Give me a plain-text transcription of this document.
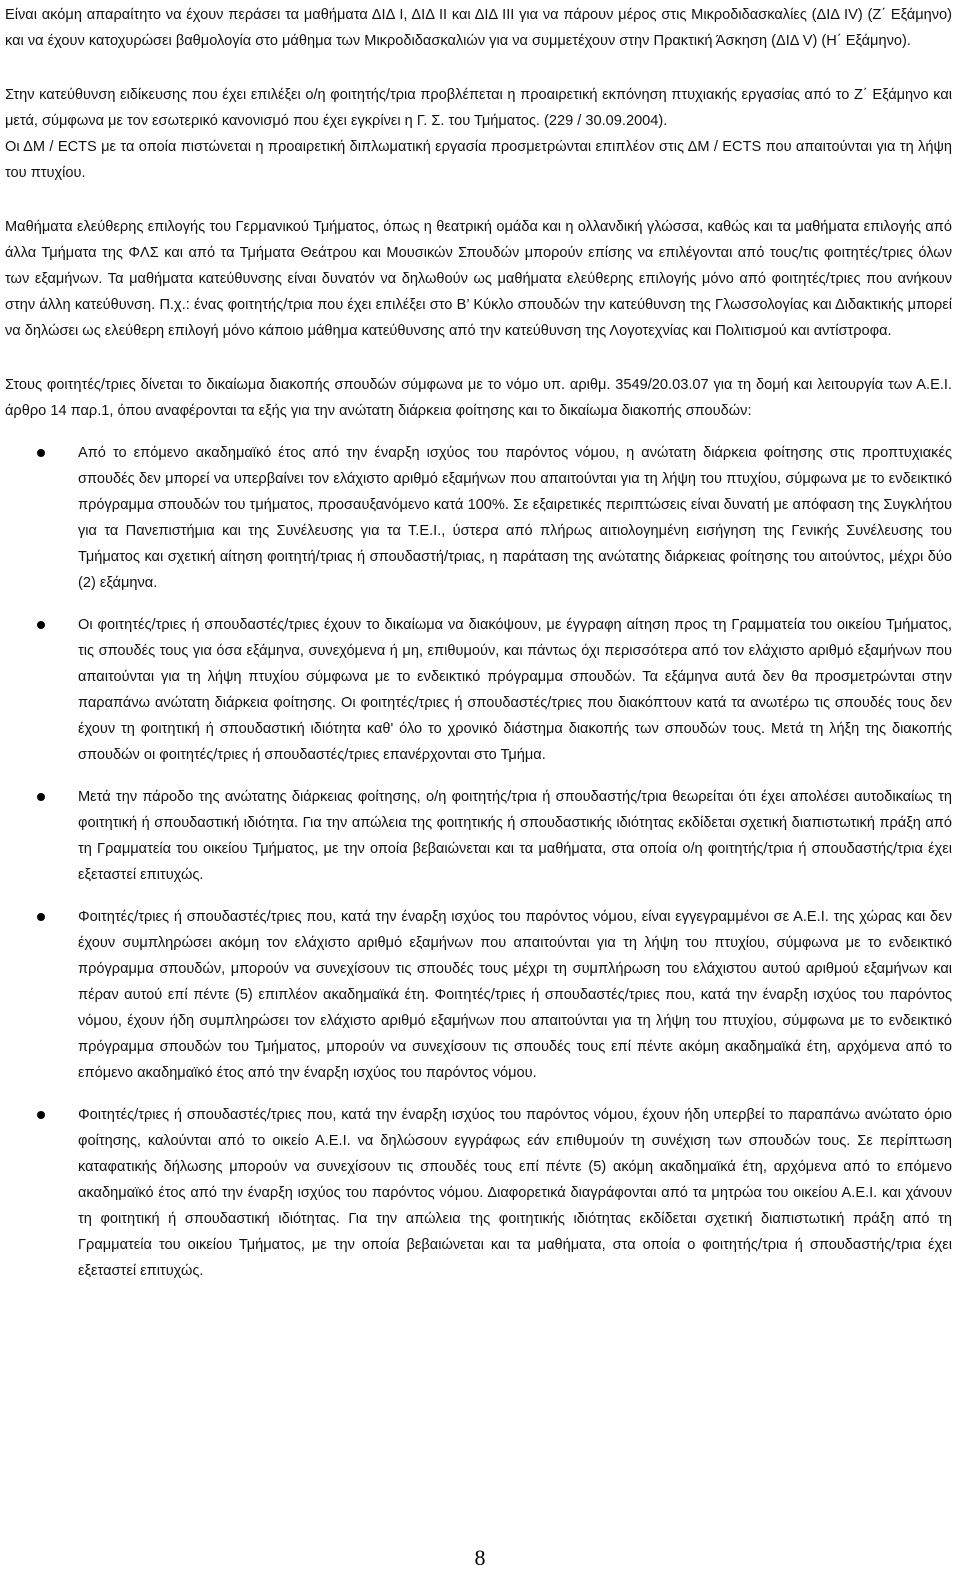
Είναι ακόμη απαραίτητο να έχουν περάσει τα μαθήματα ΔΙΔ Ι, ΔΙΔ ΙΙ και ΔΙΔ ΙΙΙ για να πάρουν μέρος στις Μικροδιδασκαλίες (ΔΙΔ ΙV) (Ζ΄ Εξάμηνο) και να έχουν κατοχυρώσει βαθμολογία στο μάθημα των Μικροδιδασκαλιών για να συμμετέχουν στην Πρακτική Άσκηση (ΔΙΔ V) (Η΄ Εξάμηνο).

Στην κατεύθυνση ειδίκευσης που έχει επιλέξει ο/η φοιτητής/τρια προβλέπεται η προαιρετική εκπόνηση πτυχιακής εργασίας από το Ζ΄ Εξάμηνο και μετά, σύμφωνα με τον εσωτερικό κανονισμό που έχει εγκρίνει η Γ. Σ. του Τμήματος. (229 / 30.09.2004).

Οι ΔΜ / ECTS με τα οποία πιστώνεται η προαιρετική διπλωματική εργασία προσμετρώνται επιπλέον στις ΔΜ / ECTS που απαιτούνται για τη λήψη του πτυχίου.

Μαθήματα ελεύθερης επιλογής του Γερμανικού Τμήματος, όπως η θεατρική ομάδα και η ολλανδική γλώσσα, καθώς και τα μαθήματα επιλογής από άλλα Τμήματα της ΦΛΣ και από τα Τμήματα Θεάτρου και Μουσικών Σπουδών μπορούν επίσης να επιλέγονται από τους/τις φοιτητές/τριες όλων των εξαμήνων. Τα μαθήματα κατεύθυνσης είναι δυνατόν να δηλωθούν ως μαθήματα ελεύθερης επιλογής μόνο από φοιτητές/τριες που ανήκουν στην άλλη κατεύθυνση. Π.χ.: ένας φοιτητής/τρια που έχει επιλέξει στο Β’ Κύκλο σπουδών την κατεύθυνση της Γλωσσολογίας και Διδακτικής μπορεί να δηλώσει ως ελεύθερη επιλογή μόνο κάποιο μάθημα κατεύθυνσης από την κατεύθυνση της Λογοτεχνίας και Πολιτισμού και αντίστροφα.

Στους φοιτητές/τριες δίνεται το δικαίωμα διακοπής σπουδών σύμφωνα με το νόμο υπ. αριθμ. 3549/20.03.07 για τη δομή και λειτουργία των Α.Ε.Ι. άρθρο 14 παρ.1, όπου αναφέρονται τα εξής για την ανώτατη διάρκεια φοίτησης και το δικαίωμα διακοπής σπουδών:

Από το επόμενο ακαδημαϊκό έτος από την έναρξη ισχύος του παρόντος νόμου, η ανώτατη διάρκεια φοίτησης στις προπτυχιακές σπουδές δεν μπορεί να υπερβαίνει τον ελάχιστο αριθμό εξαμήνων που απαιτούνται για τη λήψη του πτυχίου, σύμφωνα με το ενδεικτικό πρόγραμμα σπουδών του τμήματος, προσαυξανόμενο κατά 100%. Σε εξαιρετικές περιπτώσεις είναι δυνατή με απόφαση της Συγκλήτου για τα Πανεπιστήμια και της Συνέλευσης για τα Τ.Ε.Ι., ύστερα από πλήρως αιτιολογημένη εισήγηση της Γενικής Συνέλευσης του Τμήματος και σχετική αίτηση φοιτητή/τριας ή σπουδαστή/τριας, η παράταση της ανώτατης διάρκειας φοίτησης του αιτούντος, μέχρι δύο (2) εξάμηνα.
Οι φοιτητές/τριες ή σπουδαστές/τριες έχουν το δικαίωμα να διακόψουν, με έγγραφη αίτηση προς τη Γραμματεία του οικείου Τμήματος, τις σπουδές τους για όσα εξάμηνα, συνεχόμενα ή μη, επιθυμούν, και πάντως όχι περισσότερα από τον ελάχιστο αριθμό εξαμήνων που απαιτούνται για τη λήψη πτυχίου σύμφωνα με το ενδεικτικό πρόγραμμα σπουδών. Τα εξάμηνα αυτά δεν θα προσμετρώνται στην παραπάνω ανώτατη διάρκεια φοίτησης. Οι φοιτητές/τριες ή σπουδαστές/τριες που διακόπτουν κατά τα ανωτέρω τις σπουδές τους δεν έχουν τη φοιτητική ή σπουδαστική ιδιότητα καθ' όλο το χρονικό διάστημα διακοπής των σπουδών τους. Μετά τη λήξη της διακοπής σπουδών οι φοιτητές/τριες ή σπουδαστές/τριες επανέρχονται στο Τμήμα.
Μετά την πάροδο της ανώτατης διάρκειας φοίτησης, ο/η φοιτητής/τρια ή σπουδαστής/τρια θεωρείται ότι έχει απολέσει αυτοδικαίως τη φοιτητική ή σπουδαστική ιδιότητα. Για την απώλεια της φοιτητικής ή σπουδαστικής ιδιότητας εκδίδεται σχετική διαπιστωτική πράξη από τη Γραμματεία του οικείου Τμήματος, με την οποία βεβαιώνεται και τα μαθήματα, στα οποία ο/η φοιτητής/τρια ή σπουδαστής/τρια έχει εξεταστεί επιτυχώς.
Φοιτητές/τριες ή σπουδαστές/τριες που, κατά την έναρξη ισχύος του παρόντος νόμου, είναι εγγεγραμμένοι σε Α.Ε.Ι. της χώρας και δεν έχουν συμπληρώσει ακόμη τον ελάχιστο αριθμό εξαμήνων που απαιτούνται για τη λήψη του πτυχίου, σύμφωνα με το ενδεικτικό πρόγραμμα σπουδών, μπορούν να συνεχίσουν τις σπουδές τους μέχρι τη συμπλήρωση του ελάχιστου αυτού αριθμού εξαμήνων και πέραν αυτού επί πέντε (5) επιπλέον ακαδημαϊκά έτη. Φοιτητές/τριες ή σπουδαστές/τριες που, κατά την έναρξη ισχύος του παρόντος νόμου, έχουν ήδη συμπληρώσει τον ελάχιστο αριθμό εξαμήνων που απαιτούνται για τη λήψη του πτυχίου, σύμφωνα με το ενδεικτικό πρόγραμμα σπουδών του Τμήματος, μπορούν να συνεχίσουν τις σπουδές τους επί πέντε ακόμη ακαδημαϊκά έτη, αρχόμενα από το επόμενο ακαδημαϊκό έτος από την έναρξη ισχύος του παρόντος νόμου.
Φοιτητές/τριες ή σπουδαστές/τριες που, κατά την έναρξη ισχύος του παρόντος νόμου, έχουν ήδη υπερβεί το παραπάνω ανώτατο όριο φοίτησης, καλούνται από το οικείο Α.Ε.Ι. να δηλώσουν εγγράφως εάν επιθυμούν τη συνέχιση των σπουδών τους. Σε περίπτωση καταφατικής δήλωσης μπορούν να συνεχίσουν τις σπουδές τους επί πέντε (5) ακόμη ακαδημαϊκά έτη, αρχόμενα από το επόμενο ακαδημαϊκό έτος από την έναρξη ισχύος του παρόντος νόμου. Διαφορετικά διαγράφονται από τα μητρώα του οικείου Α.Ε.Ι. και χάνουν τη φοιτητική ή σπουδαστική ιδιότητας. Για την απώλεια της φοιτητικής ιδιότητας εκδίδεται σχετική διαπιστωτική πράξη από τη Γραμματεία του οικείου Τμήματος, με την οποία βεβαιώνεται και τα μαθήματα, στα οποία ο φοιτητής/τρια ή σπουδαστής/τρια έχει εξεταστεί επιτυχώς.
8
